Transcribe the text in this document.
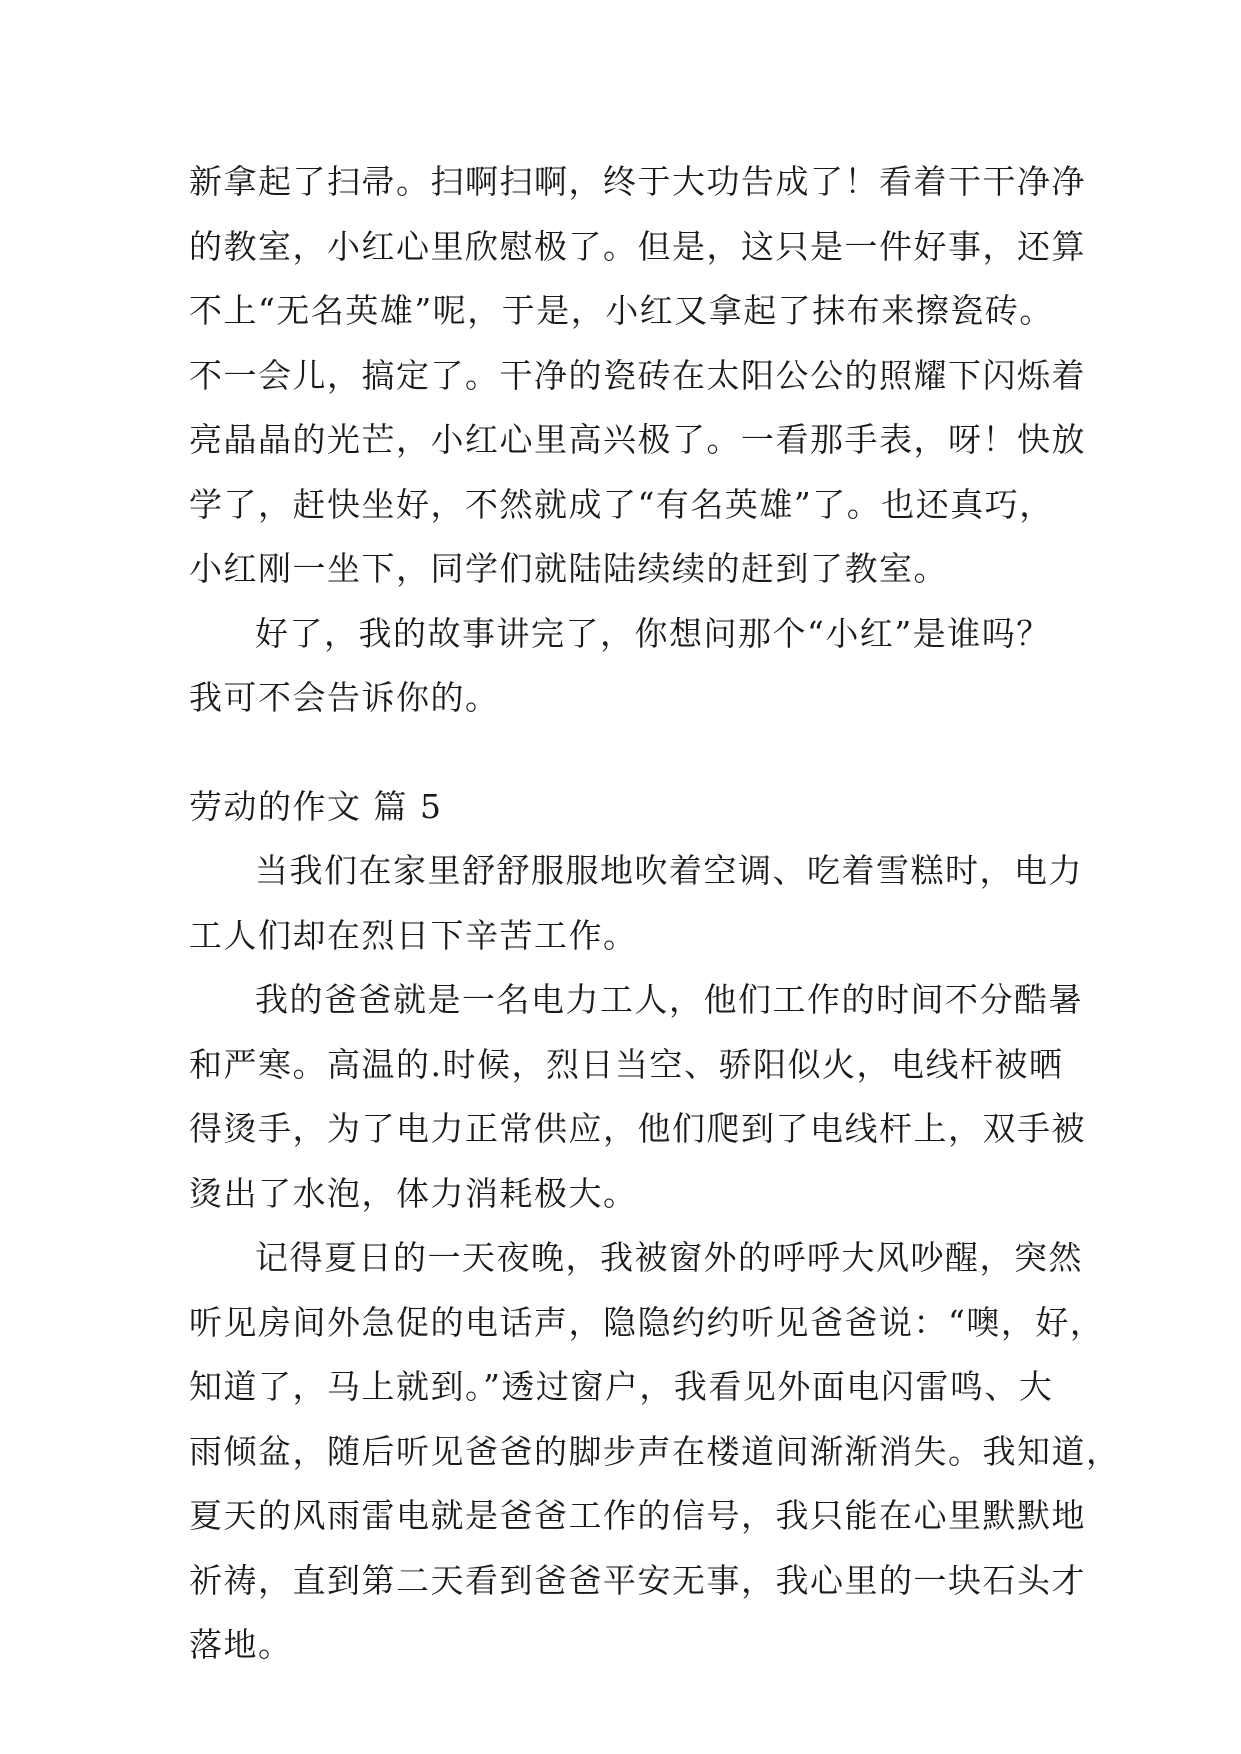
新拿起了扫帚。扫啊扫啊，终于大功告成了！看着干干净净
的教室，小红心里欣慰极了。但是，这只是一件好事，还算
不上“无名英雄”呢，于是，小红又拿起了抹布来擦瓷砖。
不一会儿，搞定了。干净的瓷砖在太阳公公的照耀下闪烁着
亮晶晶的光芒，小红心里高兴极了。一看那手表，呀！快放
学了，赶快坐好，不然就成了“有名英雄”了。也还真巧，
小红刚一坐下，同学们就陆陆续续的赶到了教室。
好了，我的故事讲完了，你想问那个“小红”是谁吗？
我可不会告诉你的。
劳动的作文 篇 5
当我们在家里舒舒服服地吹着空调、吃着雪糕时，电力
工人们却在烈日下辛苦工作。
我的爸爸就是一名电力工人，他们工作的时间不分酷暑
和严寒。高温的.时候，烈日当空、骄阳似火，电线杆被晒
得烫手，为了电力正常供应，他们爬到了电线杆上，双手被
烫出了水泡，体力消耗极大。
记得夏日的一天夜晚，我被窗外的呼呼大风吵醒，突然
听见房间外急促的电话声，隐隐约约听见爸爸说：“噢，好，
知道了，马上就到。”透过窗户，我看见外面电闪雷鸣、大
雨倾盆，随后听见爸爸的脚步声在楼道间渐渐消失。我知道，
夏天的风雨雷电就是爸爸工作的信号，我只能在心里默默地
祈祷，直到第二天看到爸爸平安无事，我心里的一块石头才
落地。
